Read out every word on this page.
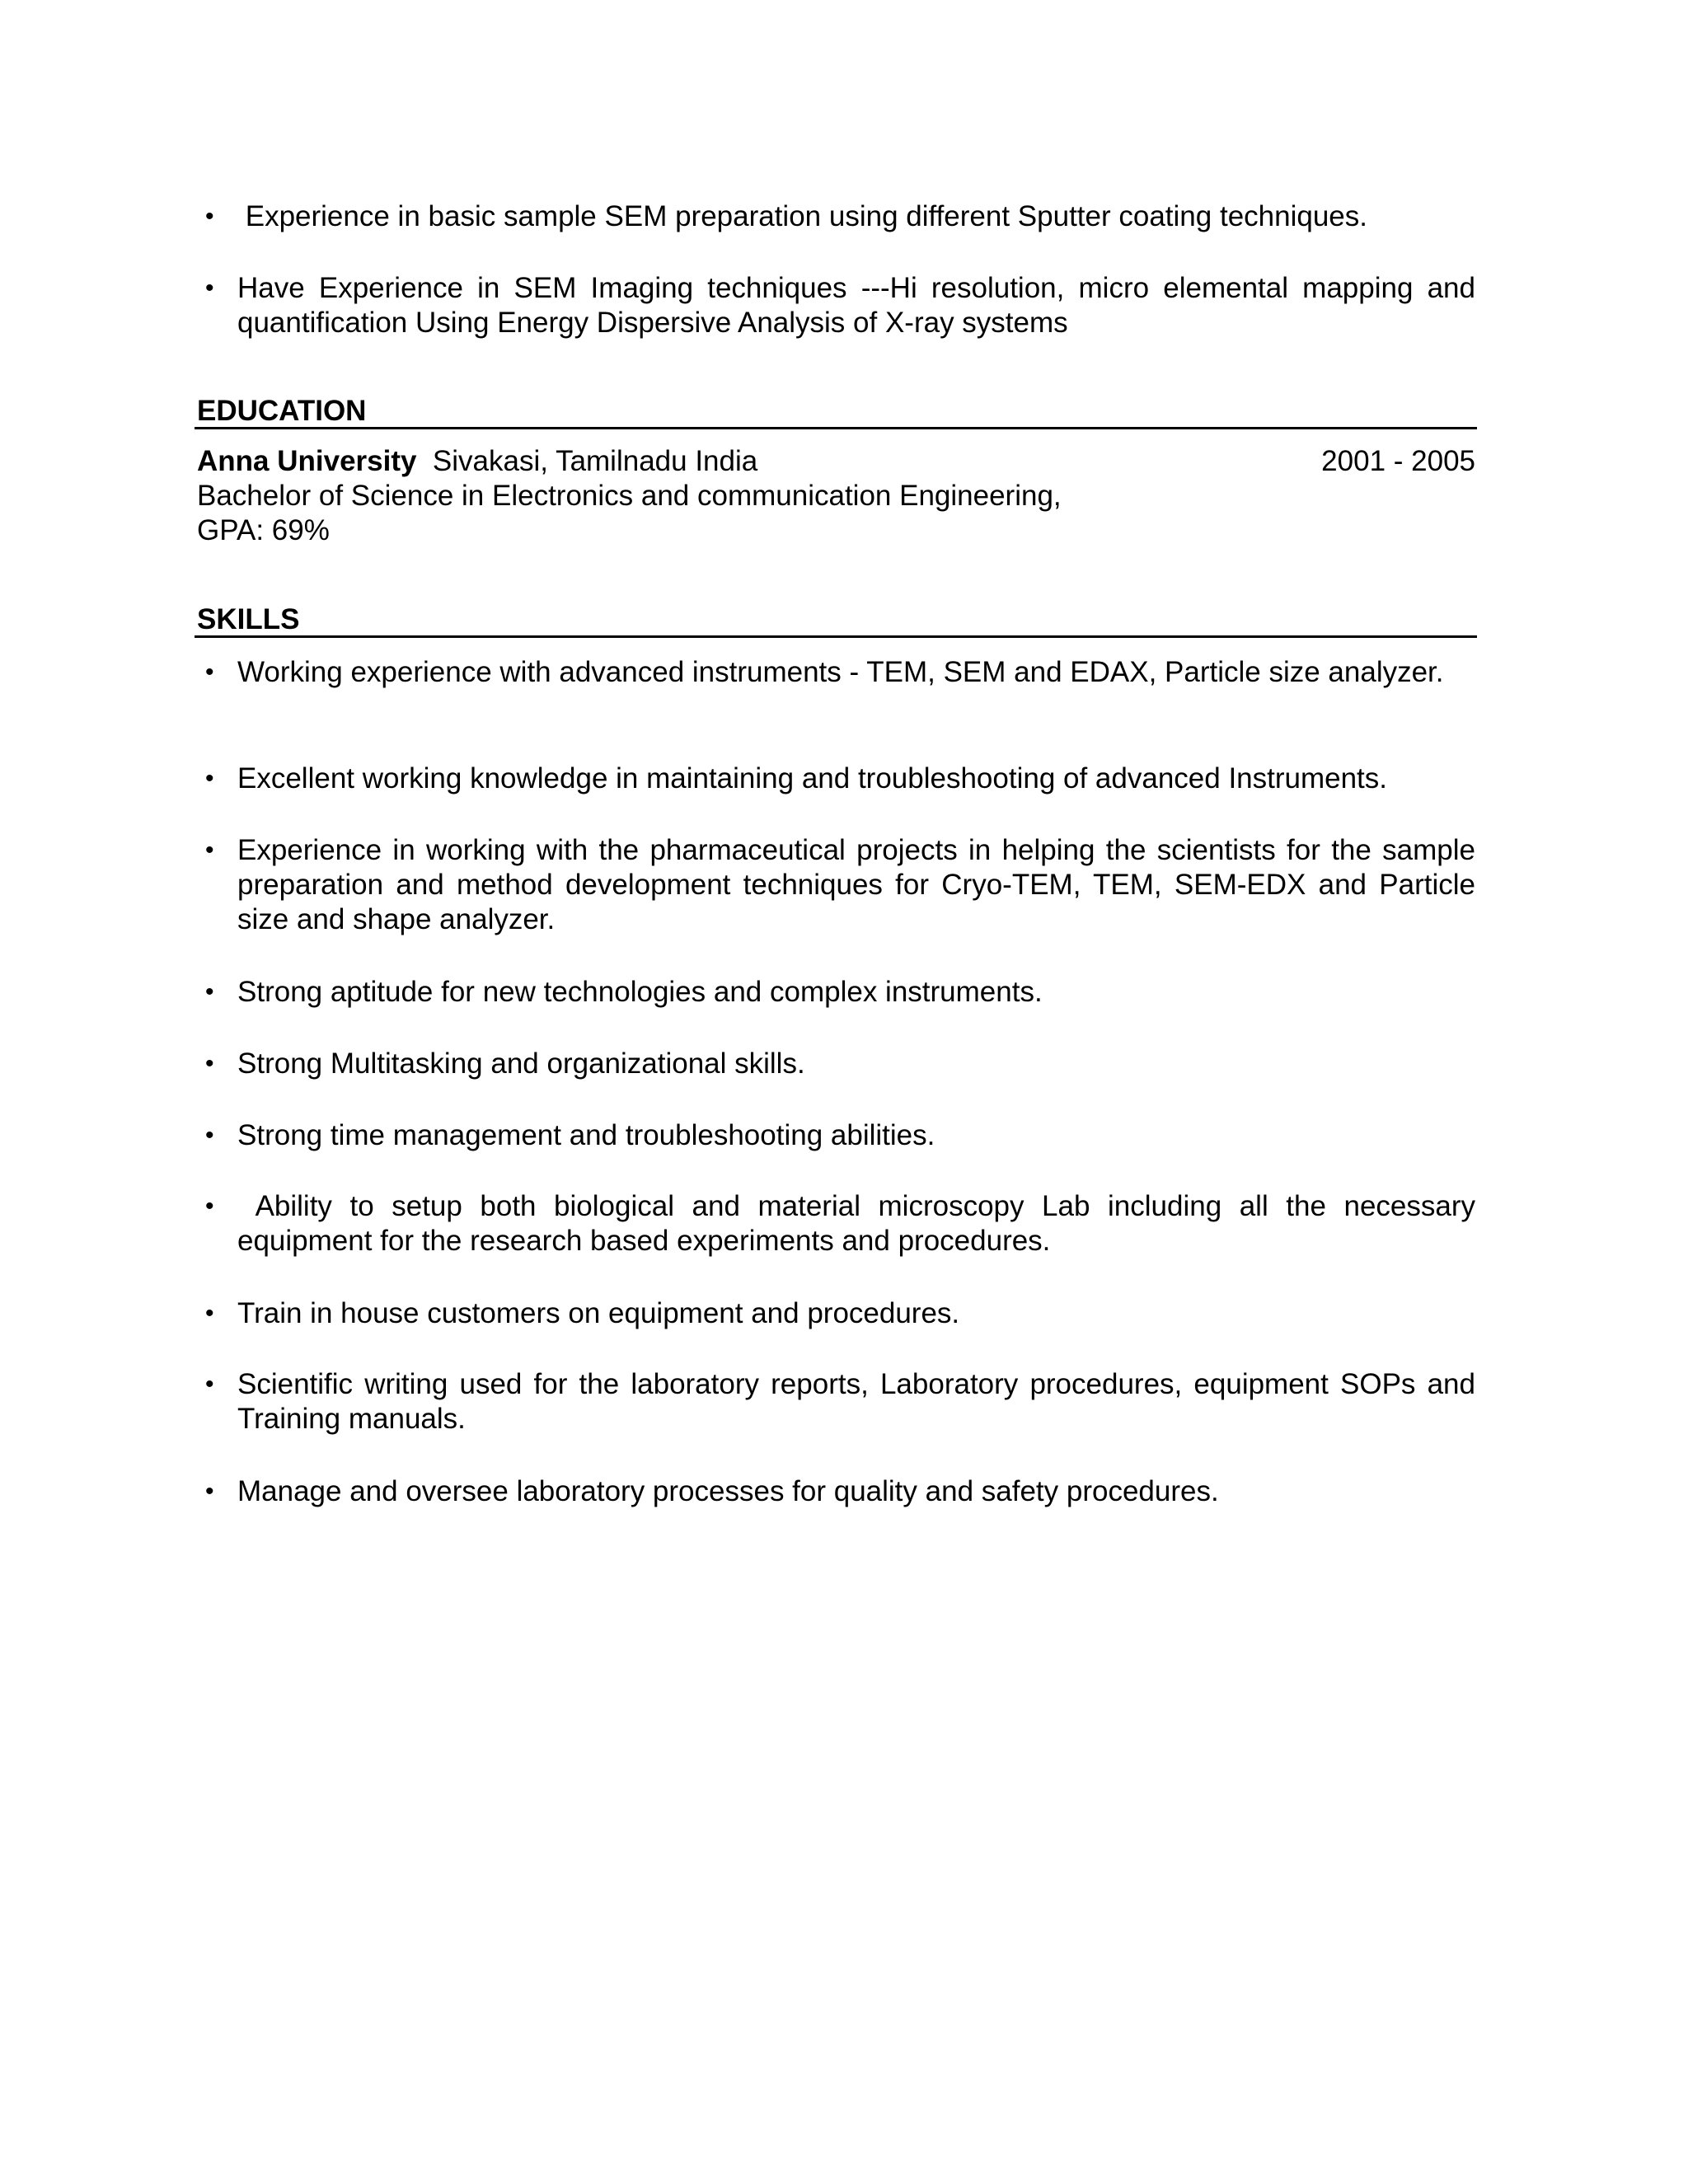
• Experience in basic sample SEM preparation using different Sputter coating techniques.
• Have Experience in SEM Imaging techniques ---Hi resolution, micro elemental mapping and quantification Using Energy Dispersive Analysis of X-ray systems
EDUCATION
Anna University Sivakasi, Tamilnadu India	2001 - 2005
Bachelor of Science in Electronics and communication Engineering,
GPA: 69%
SKILLS
• Working experience with advanced instruments - TEM, SEM and EDAX, Particle size analyzer.
• Excellent working knowledge in maintaining and troubleshooting of advanced Instruments.
• Experience in working with the pharmaceutical projects in helping the scientists for the sample preparation and method development techniques for Cryo-TEM, TEM, SEM-EDX and Particle size and shape analyzer.
• Strong aptitude for new technologies and complex instruments.
• Strong Multitasking and organizational skills.
• Strong time management and troubleshooting abilities.
• Ability to setup both biological and material microscopy Lab including all the necessary equipment for the research based experiments and procedures.
• Train in house customers on equipment and procedures.
• Scientific writing used for the laboratory reports, Laboratory procedures, equipment SOPs and Training manuals.
• Manage and oversee laboratory processes for quality and safety procedures.
